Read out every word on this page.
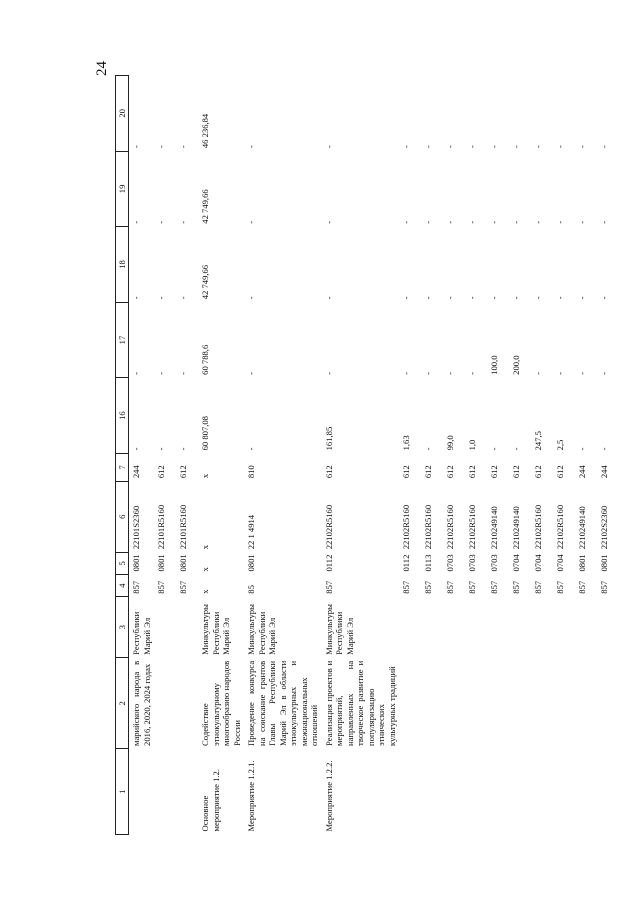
24
1	2	3	4	5	6	7	16	17	18	19	20
	марийского народа в 2016, 2020, 2024 годах	Республики Марий Эл	857	0801	22101S2360	244	-	-	-	-	-
			857	0801	22101R5160	612	-	-	-	-	-
			857	0801	22101R5160	612	-	-	-	-	-
Основное мероприятие 1.2.	Содействие этнокультурному многообразию народов России	Минкультуры Республики Марий Эл	х	х	х	х	60 807,08	60 788,6	42 749,66	42 749,66	46 236,84
Мероприятие 1.2.1.	Проведение конкурса на соискание грантов Главы Республики Марий Эл в области этнокультурных и межнациональных отношений	Минкультуры Республики Марий Эл	85	0801	22 1 4914	810	-	-	-	-	-
Мероприятие 1.2.2.	Реализация проектов и мероприятий, направленных на творческое развитие и популяризацию этнических культурных традиций	Минкультуры Республики Марий Эл	857	0112	22102R5160	612	161,85	-	-	-	-
			857	0112	22102R5160	612	1,63	-	-	-	-
			857	0113	22102R5160	612	-	-	-	-	-
			857	0703	22102R5160	612	99,0	-	-	-	-
			857	0703	22102R5160	612	1,0	-	-	-	-
			857	0703	2210249140	612	-	100,0	-	-	-
			857	0704	2210249140	612	-	200,0	-	-	-
			857	0704	22102R5160	612	247,5	-	-	-	-
			857	0704	22102R5160	612	2,5	-	-	-	-
			857	0801	2210249140	244	-	-	-	-	-
			857	0801	22102S2360	244	-	-	-	-	-
